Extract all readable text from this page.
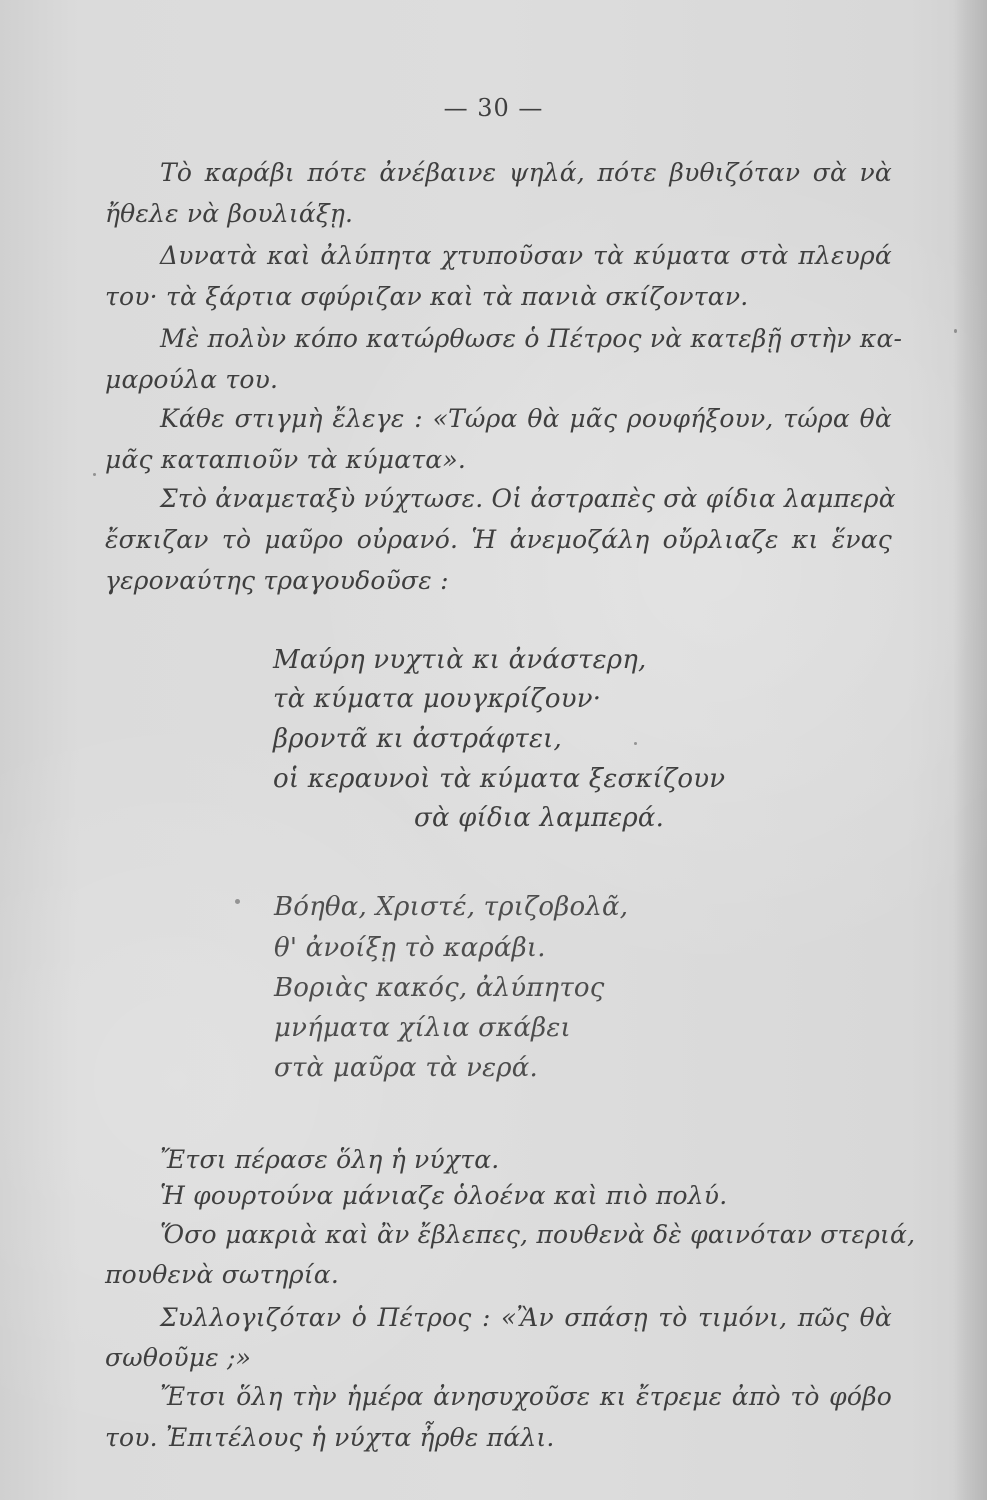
— 30 —
Τὸ καράβι πότε ἀνέβαινε ψηλά, πότε βυθιζόταν σὰ νὰ
ἤθελε νὰ βουλιάξῃ.
Δυνατὰ καὶ ἀλύπητα χτυποῦσαν τὰ κύματα στὰ πλευρά
του· τὰ ξάρτια σφύριζαν καὶ τὰ πανιὰ σκίζονταν.
Μὲ πολὺν κόπο κατώρθωσε ὁ Πέτρος νὰ κατεβῇ στὴν κα-
μαρούλα του.
Κάθε στιγμὴ ἔλεγε : «Τώρα θὰ μᾶς ρουφήξουν, τώρα θὰ
μᾶς καταπιοῦν τὰ κύματα».
Στὸ ἀναμεταξὺ νύχτωσε. Οἱ ἀστραπὲς σὰ φίδια λαμπερὰ
ἔσκιζαν τὸ μαῦρο οὐρανό. Ἡ ἀνεμοζάλη οὔρλιαζε κι ἕνας
γεροναύτης τραγουδοῦσε :
Μαύρη νυχτιὰ κι ἀνάστερη,
τὰ κύματα μουγκρίζουν·
βροντᾶ κι ἀστράφτει,
οἱ κεραυνοὶ τὰ κύματα ξεσκίζουν
σὰ φίδια λαμπερά.
Βόηθα, Χριστέ, τριζοβολᾶ,
θ' ἀνοίξῃ τὸ καράβι.
Βοριὰς κακός, ἀλύπητος
μνήματα χίλια σκάβει
στὰ μαῦρα τὰ νερά.
Ἔτσι πέρασε ὅλη ἡ νύχτα.
Ἡ φουρτούνα μάνιαζε ὁλοένα καὶ πιὸ πολύ.
Ὅσο μακριὰ καὶ ἂν ἔβλεπες, πουθενὰ δὲ φαινόταν στεριά,
πουθενὰ σωτηρία.
Συλλογιζόταν ὁ Πέτρος : «Ἂν σπάσῃ τὸ τιμόνι, πῶς θὰ
σωθοῦμε ;»
Ἔτσι ὅλη τὴν ἡμέρα ἀνησυχοῦσε κι ἔτρεμε ἀπὸ τὸ φόβο
του. Ἐπιτέλους ἡ νύχτα ἦρθε πάλι.
